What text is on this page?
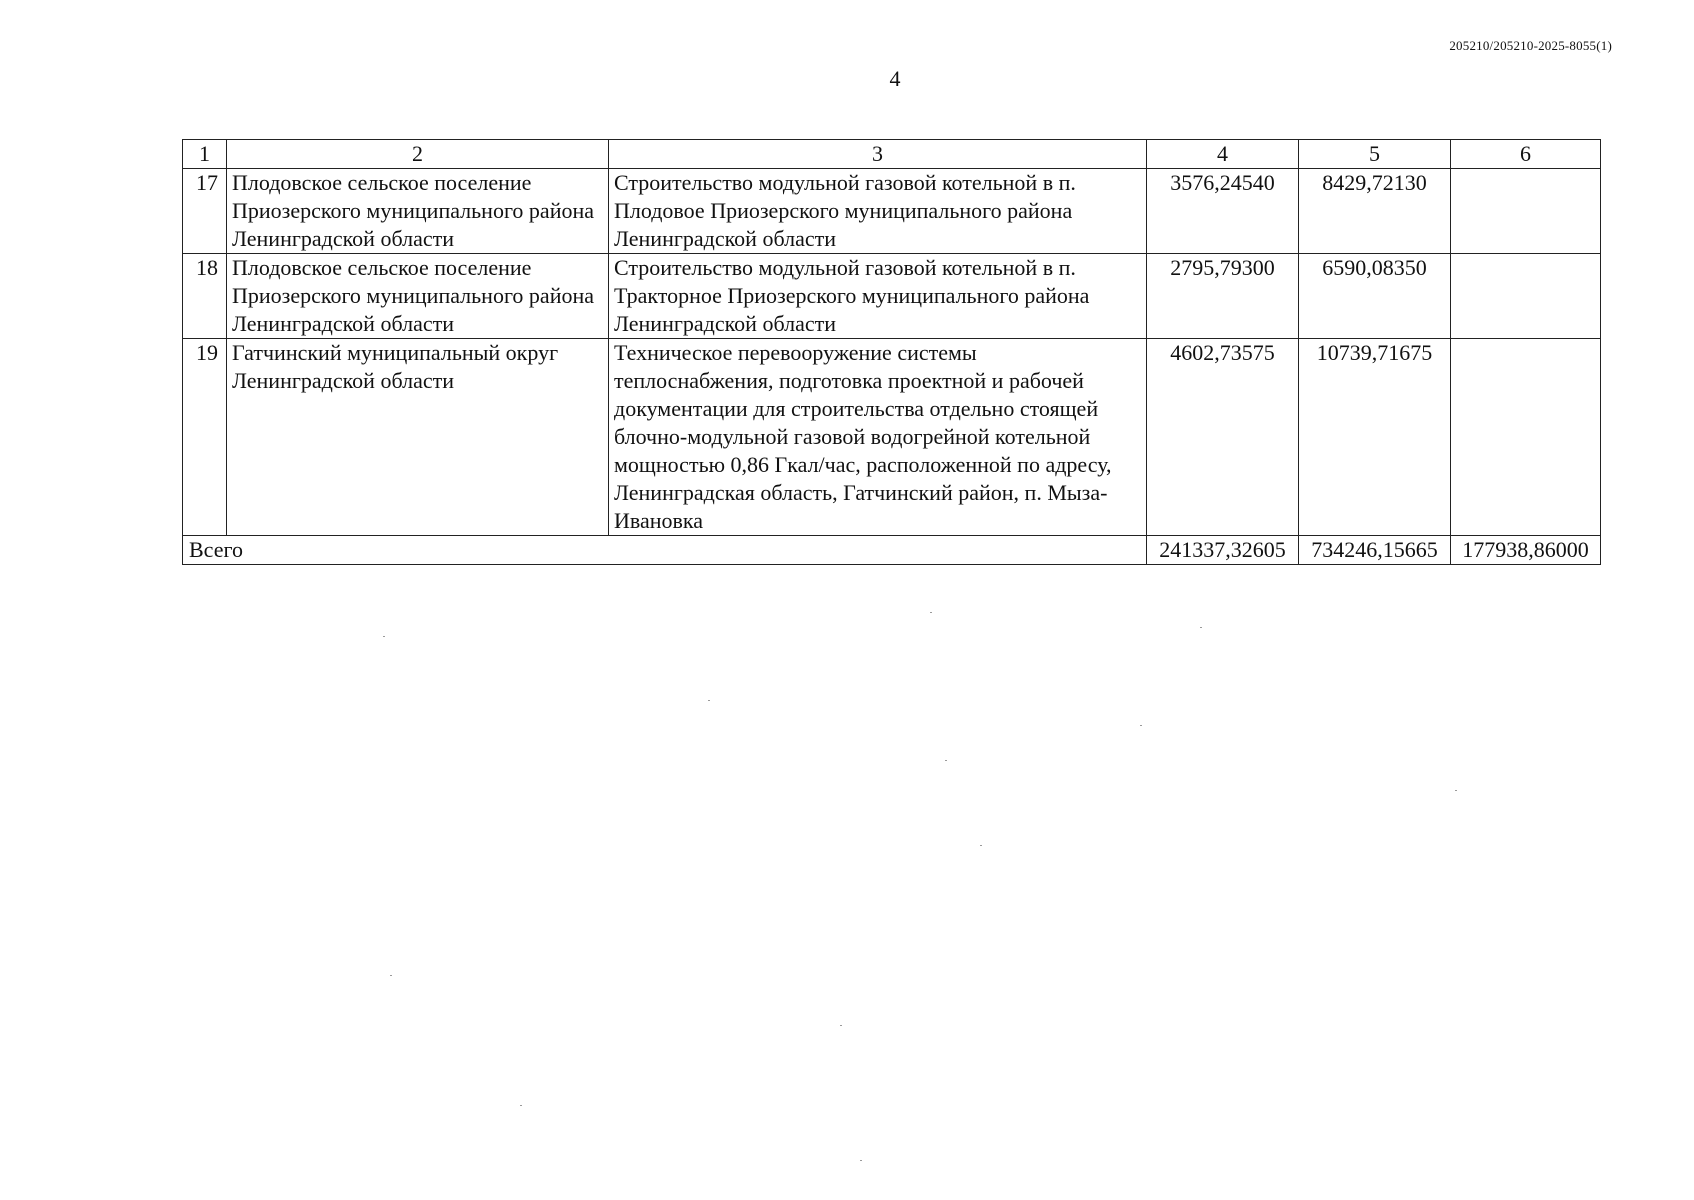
205210/205210-2025-8055(1)
4
1	2	3	4	5	6
17	Плодовское сельское поселение Приозерского муниципального района Ленинградской области	Строительство модульной газовой котельной в п. Плодовое Приозерского муниципального района Ленинградской области	3576,24540	8429,72130	
18	Плодовское сельское поселение Приозерского муниципального района Ленинградской области	Строительство модульной газовой котельной в п. Тракторное Приозерского муниципального района Ленинградской области	2795,79300	6590,08350	
19	Гатчинский муниципальный округ Ленинградской области	Техническое перевооружение системы теплоснабжения, подготовка проектной и рабочей документации для строительства отдельно стоящей блочно-модульной газовой водогрейной котельной мощностью 0,86 Гкал/час, расположенной по адресу, Ленинградская область, Гатчинский район, п. Мыза-Ивановка	4602,73575	10739,71675	
Всего			241337,32605	734246,15665	177938,86000
